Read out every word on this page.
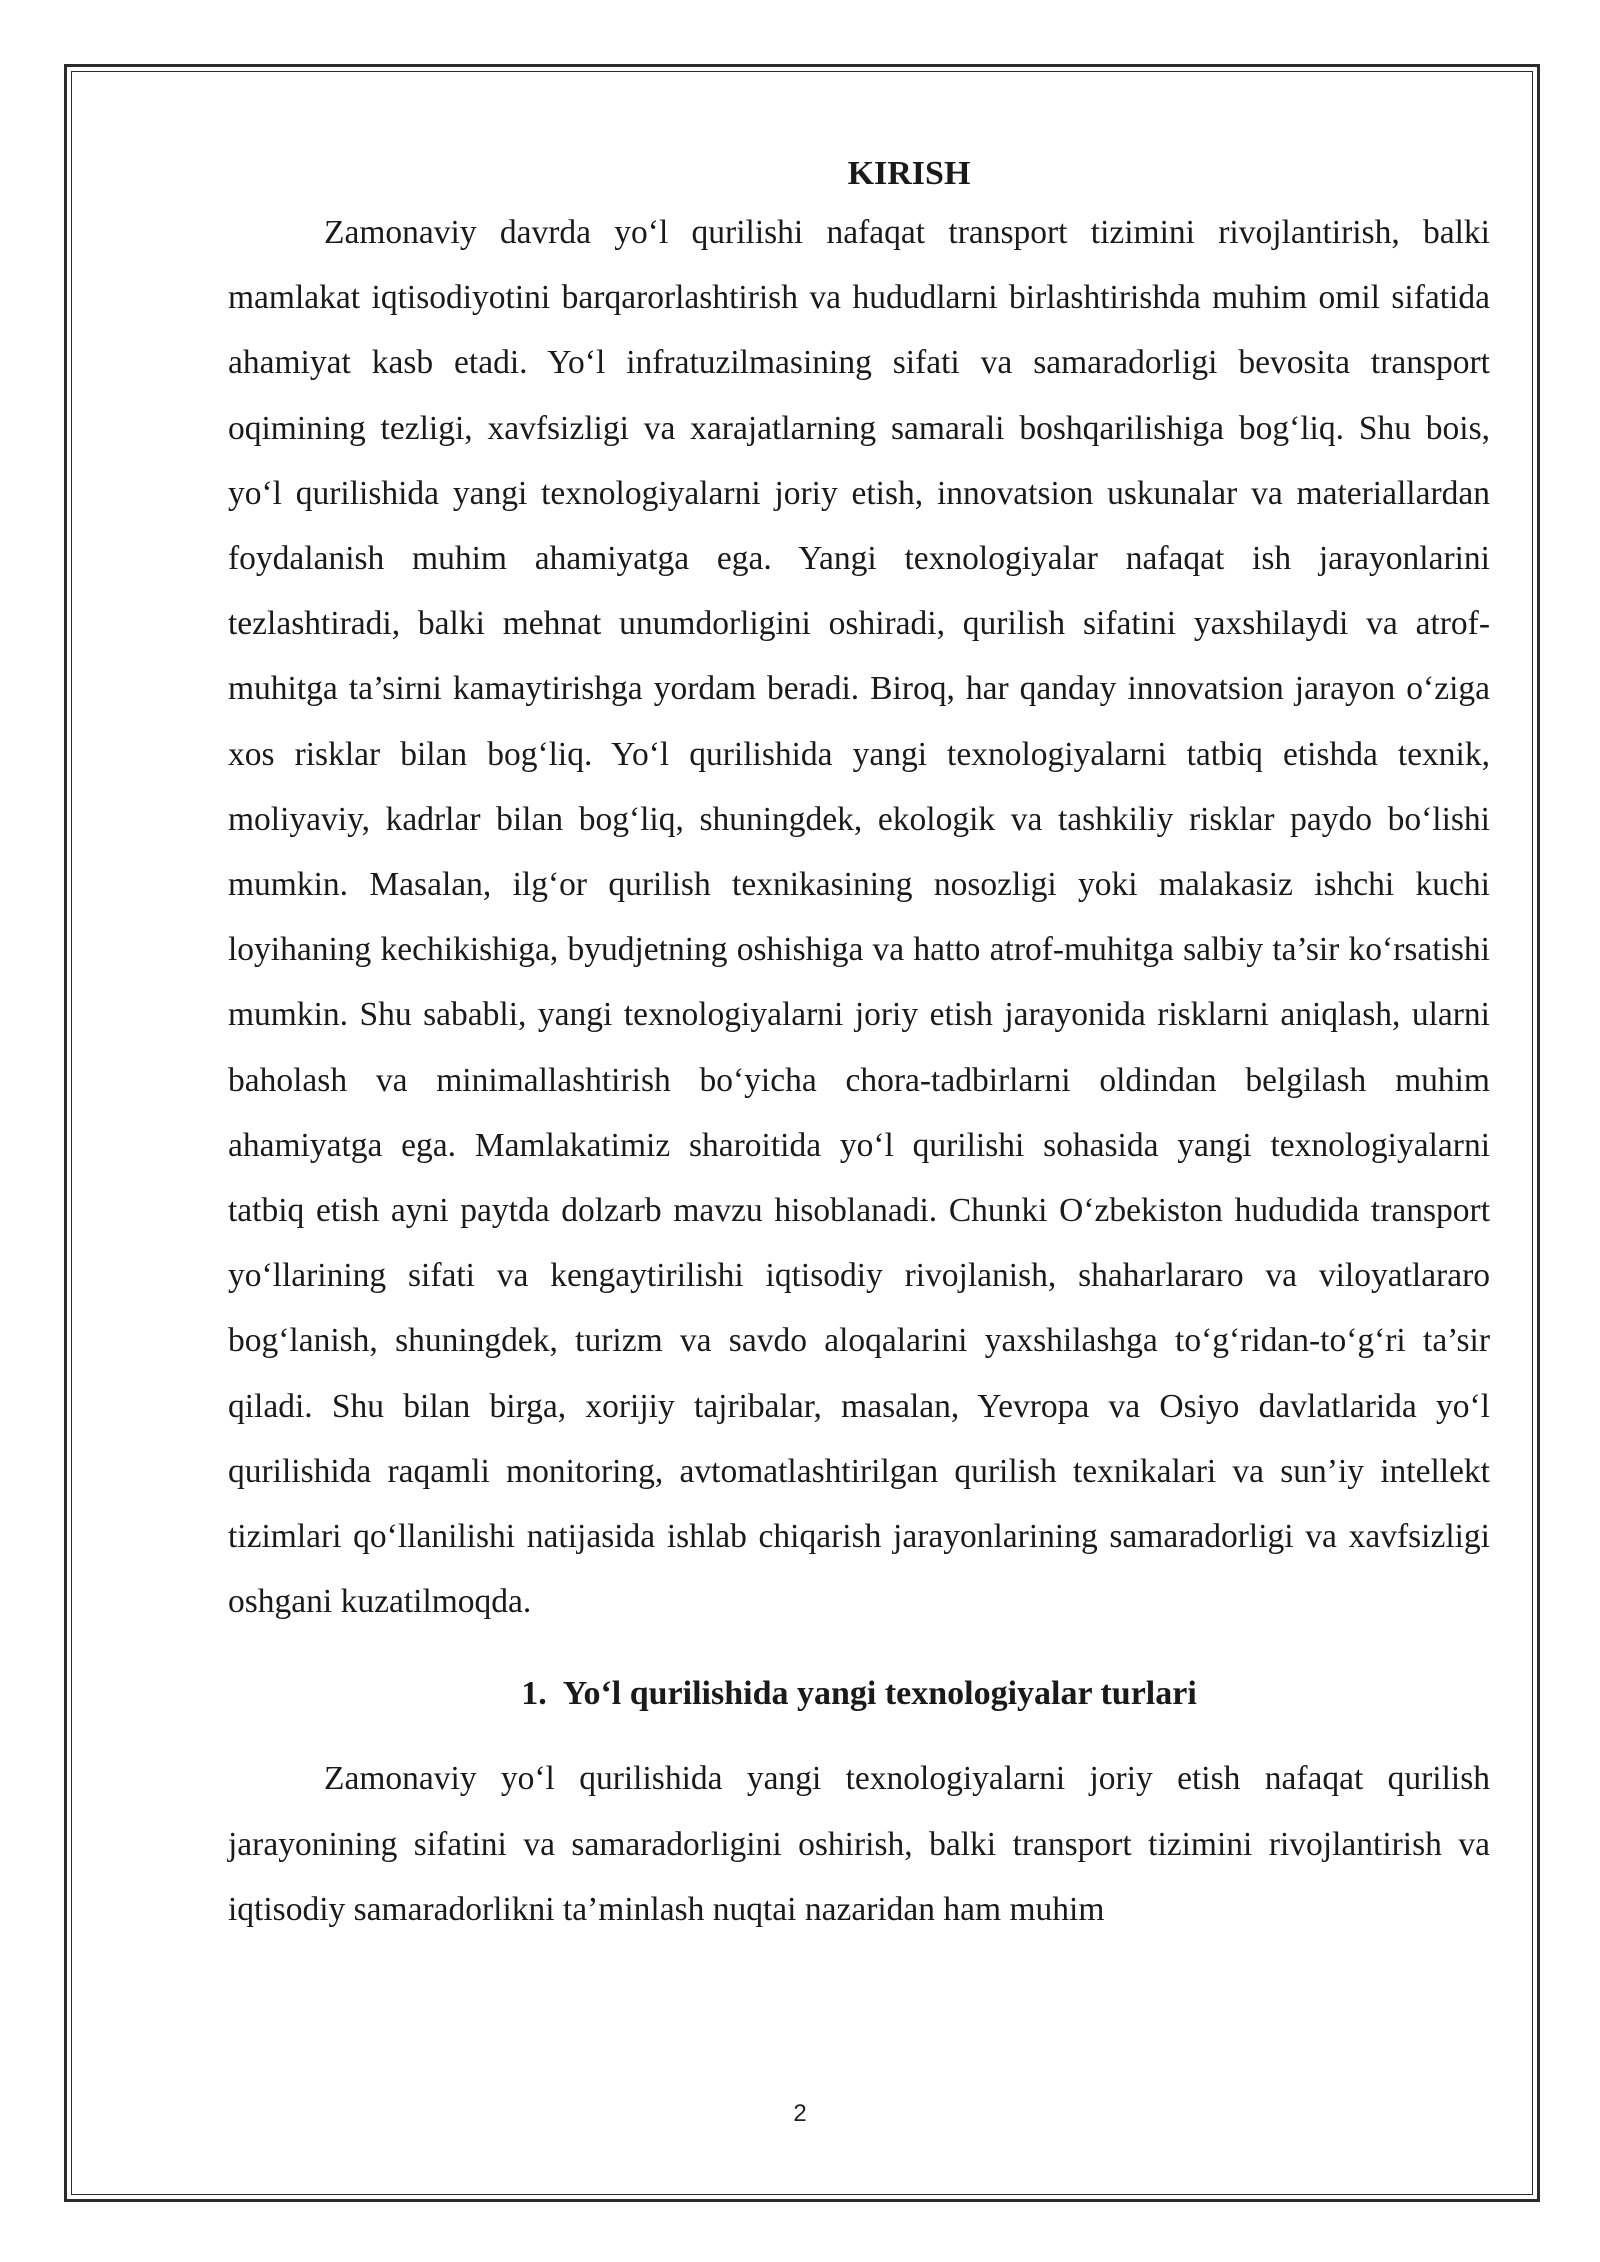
KIRISH

Zamonaviy davrda yo‘l qurilishi nafaqat transport tizimini rivojlantirish, balki mamlakat iqtisodiyotini barqarorlashtirish va hududlarni birlashtirishda muhim omil sifatida ahamiyat kasb etadi. Yo‘l infratuzilmasining sifati va samaradorligi bevosita transport oqimining tezligi, xavfsizligi va xarajatlarning samarali boshqarilishiga bog‘liq. Shu bois, yo‘l qurilishida yangi texnologiyalarni joriy etish, innovatsion uskunalar va materiallardan foydalanish muhim ahamiyatga ega. Yangi texnologiyalar nafaqat ish jarayonlarini tezlashtiradi, balki mehnat unumdorligini oshiradi, qurilish sifatini yaxshilaydi va atrof-muhitga ta’sirni kamaytirishga yordam beradi. Biroq, har qanday innovatsion jarayon o‘ziga xos risklar bilan bog‘liq. Yo‘l qurilishida yangi texnologiyalarni tatbiq etishda texnik, moliyaviy, kadrlar bilan bog‘liq, shuningdek, ekologik va tashkiliy risklar paydo bo‘lishi mumkin. Masalan, ilg‘or qurilish texnikasining nosozligi yoki malakasiz ishchi kuchi loyihaning kechikishiga, byudjetning oshishiga va hatto atrof-muhitga salbiy ta’sir ko‘rsatishi mumkin. Shu sababli, yangi texnologiyalarni joriy etish jarayonida risklarni aniqlash, ularni baholash va minimallashtirish bo‘yicha chora-tadbirlarni oldindan belgilash muhim ahamiyatga ega. Mamlakatimiz sharoitida yo‘l qurilishi sohasida yangi texnologiyalarni tatbiq etish ayni paytda dolzarb mavzu hisoblanadi. Chunki O‘zbekiston hududida transport yo‘llarining sifati va kengaytirilishi iqtisodiy rivojlanish, shaharlararo va viloyatlararo bog‘lanish, shuningdek, turizm va savdo aloqalarini yaxshilashga to‘g‘ridan-to‘g‘ri ta’sir qiladi. Shu bilan birga, xorijiy tajribalar, masalan, Yevropa va Osiyo davlatlarida yo‘l qurilishida raqamli monitoring, avtomatlashtirilgan qurilish texnikalari va sun’iy intellekt tizimlari qo‘llanilishi natijasida ishlab chiqarish jarayonlarining samaradorligi va xavfsizligi oshgani kuzatilmoqda.

1. Yo‘l qurilishida yangi texnologiyalar turlari

Zamonaviy yo‘l qurilishida yangi texnologiyalarni joriy etish nafaqat qurilish jarayonining sifatini va samaradorligini oshirish, balki transport tizimini rivojlantirish va iqtisodiy samaradorlikni ta’minlash nuqtai nazaridan ham muhim

2
